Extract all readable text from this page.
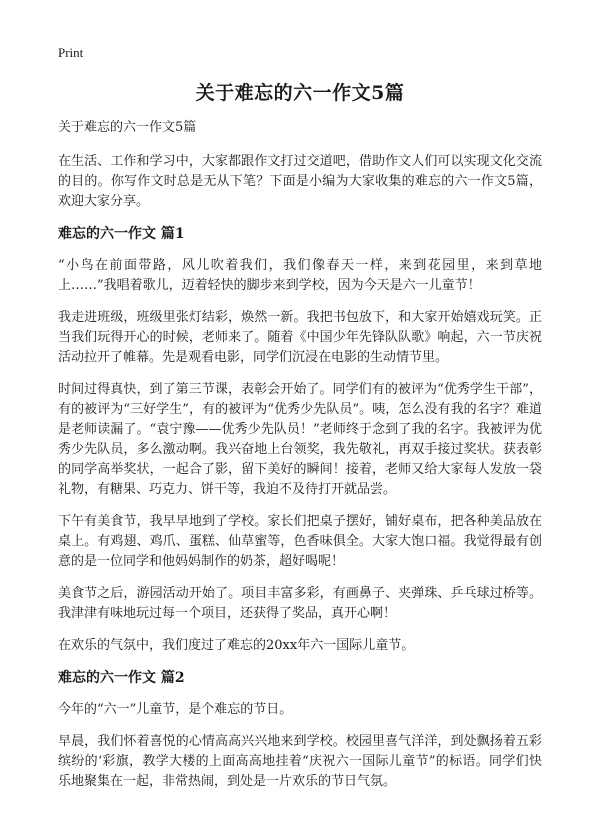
Print
关于难忘的六一作文5篇
关于难忘的六一作文5篇

在生活、工作和学习中，大家都跟作文打过交道吧，借助作文人们可以实现文化交流的目的。你写作文时总是无从下笔？下面是小编为大家收集的难忘的六一作文5篇，欢迎大家分享。

难忘的六一作文 篇1

“小鸟在前面带路，风儿吹着我们，我们像春天一样，来到花园里，来到草地上……”我唱着歌儿，迈着轻快的脚步来到学校，因为今天是六一儿童节！

我走进班级，班级里张灯结彩，焕然一新。我把书包放下，和大家开始嬉戏玩笑。正当我们玩得开心的时候，老师来了。随着《中国少年先锋队队歌》响起，六一节庆祝活动拉开了帷幕。先是观看电影，同学们沉浸在电影的生动情节里。

时间过得真快，到了第三节课，表彰会开始了。同学们有的被评为“优秀学生干部”，有的被评为“三好学生”，有的被评为“优秀少先队员”。咦，怎么没有我的名字？难道是老师读漏了。“袁宁豫——优秀少先队员！”老师终于念到了我的名字。我被评为优秀少先队员，多么激动啊。我兴奋地上台领奖，我先敬礼，再双手接过奖状。获表彰的同学高举奖状，一起合了影，留下美好的瞬间！接着，老师又给大家每人发放一袋礼物，有糖果、巧克力、饼干等，我迫不及待打开就品尝。

下午有美食节，我早早地到了学校。家长们把桌子摆好，铺好桌布，把各种美品放在桌上。有鸡翅、鸡爪、蛋糕、仙草蜜等，色香味俱全。大家大饱口福。我觉得最有创意的是一位同学和他妈妈制作的奶茶，超好喝呢！

美食节之后，游园活动开始了。项目丰富多彩，有画鼻子、夹弹珠、乒乓球过桥等。我津津有味地玩过每一个项目，还获得了奖品，真开心啊！

在欢乐的气氛中，我们度过了难忘的20xx年六一国际儿童节。

难忘的六一作文 篇2

今年的“六一”儿童节，是个难忘的节日。

早晨，我们怀着喜悦的心情高高兴兴地来到学校。校园里喜气洋洋，到处飘扬着五彩缤纷的‘彩旗，教学大楼的上面高高地挂着“庆祝六一国际儿童节”的标语。同学们快乐地聚集在一起，非常热闹，到处是一片欢乐的节日气氛。
